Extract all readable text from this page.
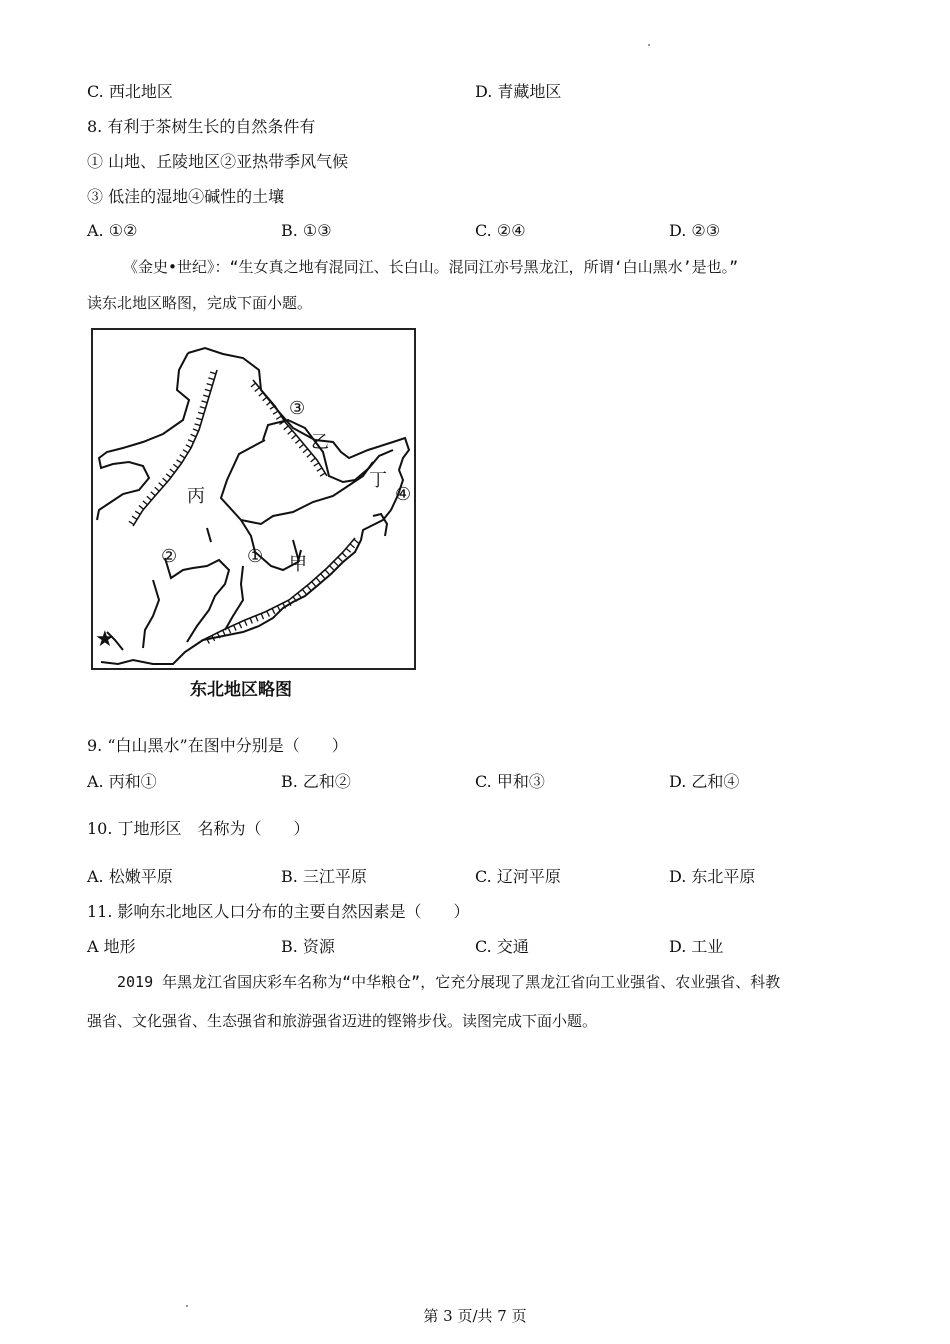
C. 西北地区	D. 青藏地区
8. 有利于茶树生长的自然条件有
① 山地、丘陵地区②亚热带季风气候
③ 低洼的湿地④碱性的土壤
A. ①②	B. ①③	C. ②④	D. ②③
《金史•世纪》：“生女真之地有混同江、长白山。混同江亦号黑龙江，所谓‘白山黑水’是也。”
读东北地区略图，完成下面小题。
③
乙
丁
④
丙
②	① 甲
★
东北地区略图
9. “白山黑水”在图中分别是（　　）
A. 丙和①	B. 乙和②	C. 甲和③	D. 乙和④
10. 丁地形区　名称为（　　）
A. 松嫩平原	B. 三江平原	C. 辽河平原	D. 东北平原
11. 影响东北地区人口分布的主要自然因素是（　　）
A 地形	B. 资源	C. 交通	D. 工业
2019 年黑龙江省国庆彩车名称为“中华粮仓”，它充分展现了黑龙江省向工业强省、农业强省、科教
强省、文化强省、生态强省和旅游强省迈进的铿锵步伐。读图完成下面小题。
第 3 页/共 7 页
